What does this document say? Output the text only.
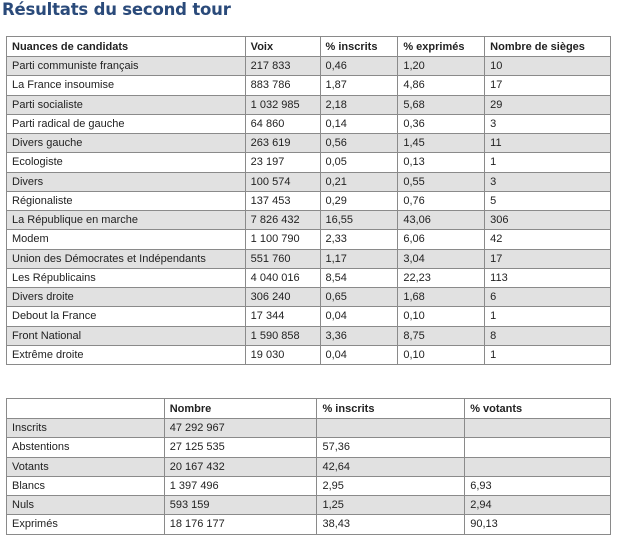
Résultats du second tour
Nuances de candidats	Voix	% inscrits	% exprimés	Nombre de sièges
Parti communiste français	217 833	0,46	1,20	10
La France insoumise	883 786	1,87	4,86	17
Parti socialiste	1 032 985	2,18	5,68	29
Parti radical de gauche	64 860	0,14	0,36	3
Divers gauche	263 619	0,56	1,45	11
Ecologiste	23 197	0,05	0,13	1
Divers	100 574	0,21	0,55	3
Régionaliste	137 453	0,29	0,76	5
La République en marche	7 826 432	16,55	43,06	306
Modem	1 100 790	2,33	6,06	42
Union des Démocrates et Indépendants	551 760	1,17	3,04	17
Les Républicains	4 040 016	8,54	22,23	113
Divers droite	306 240	0,65	1,68	6
Debout la France	17 344	0,04	0,10	1
Front National	1 590 858	3,36	8,75	8
Extrême droite	19 030	0,04	0,10	1
	Nombre	% inscrits	% votants
Inscrits	47 292 967		
Abstentions	27 125 535	57,36	
Votants	20 167 432	42,64	
Blancs	1 397 496	2,95	6,93
Nuls	593 159	1,25	2,94
Exprimés	18 176 177	38,43	90,13
